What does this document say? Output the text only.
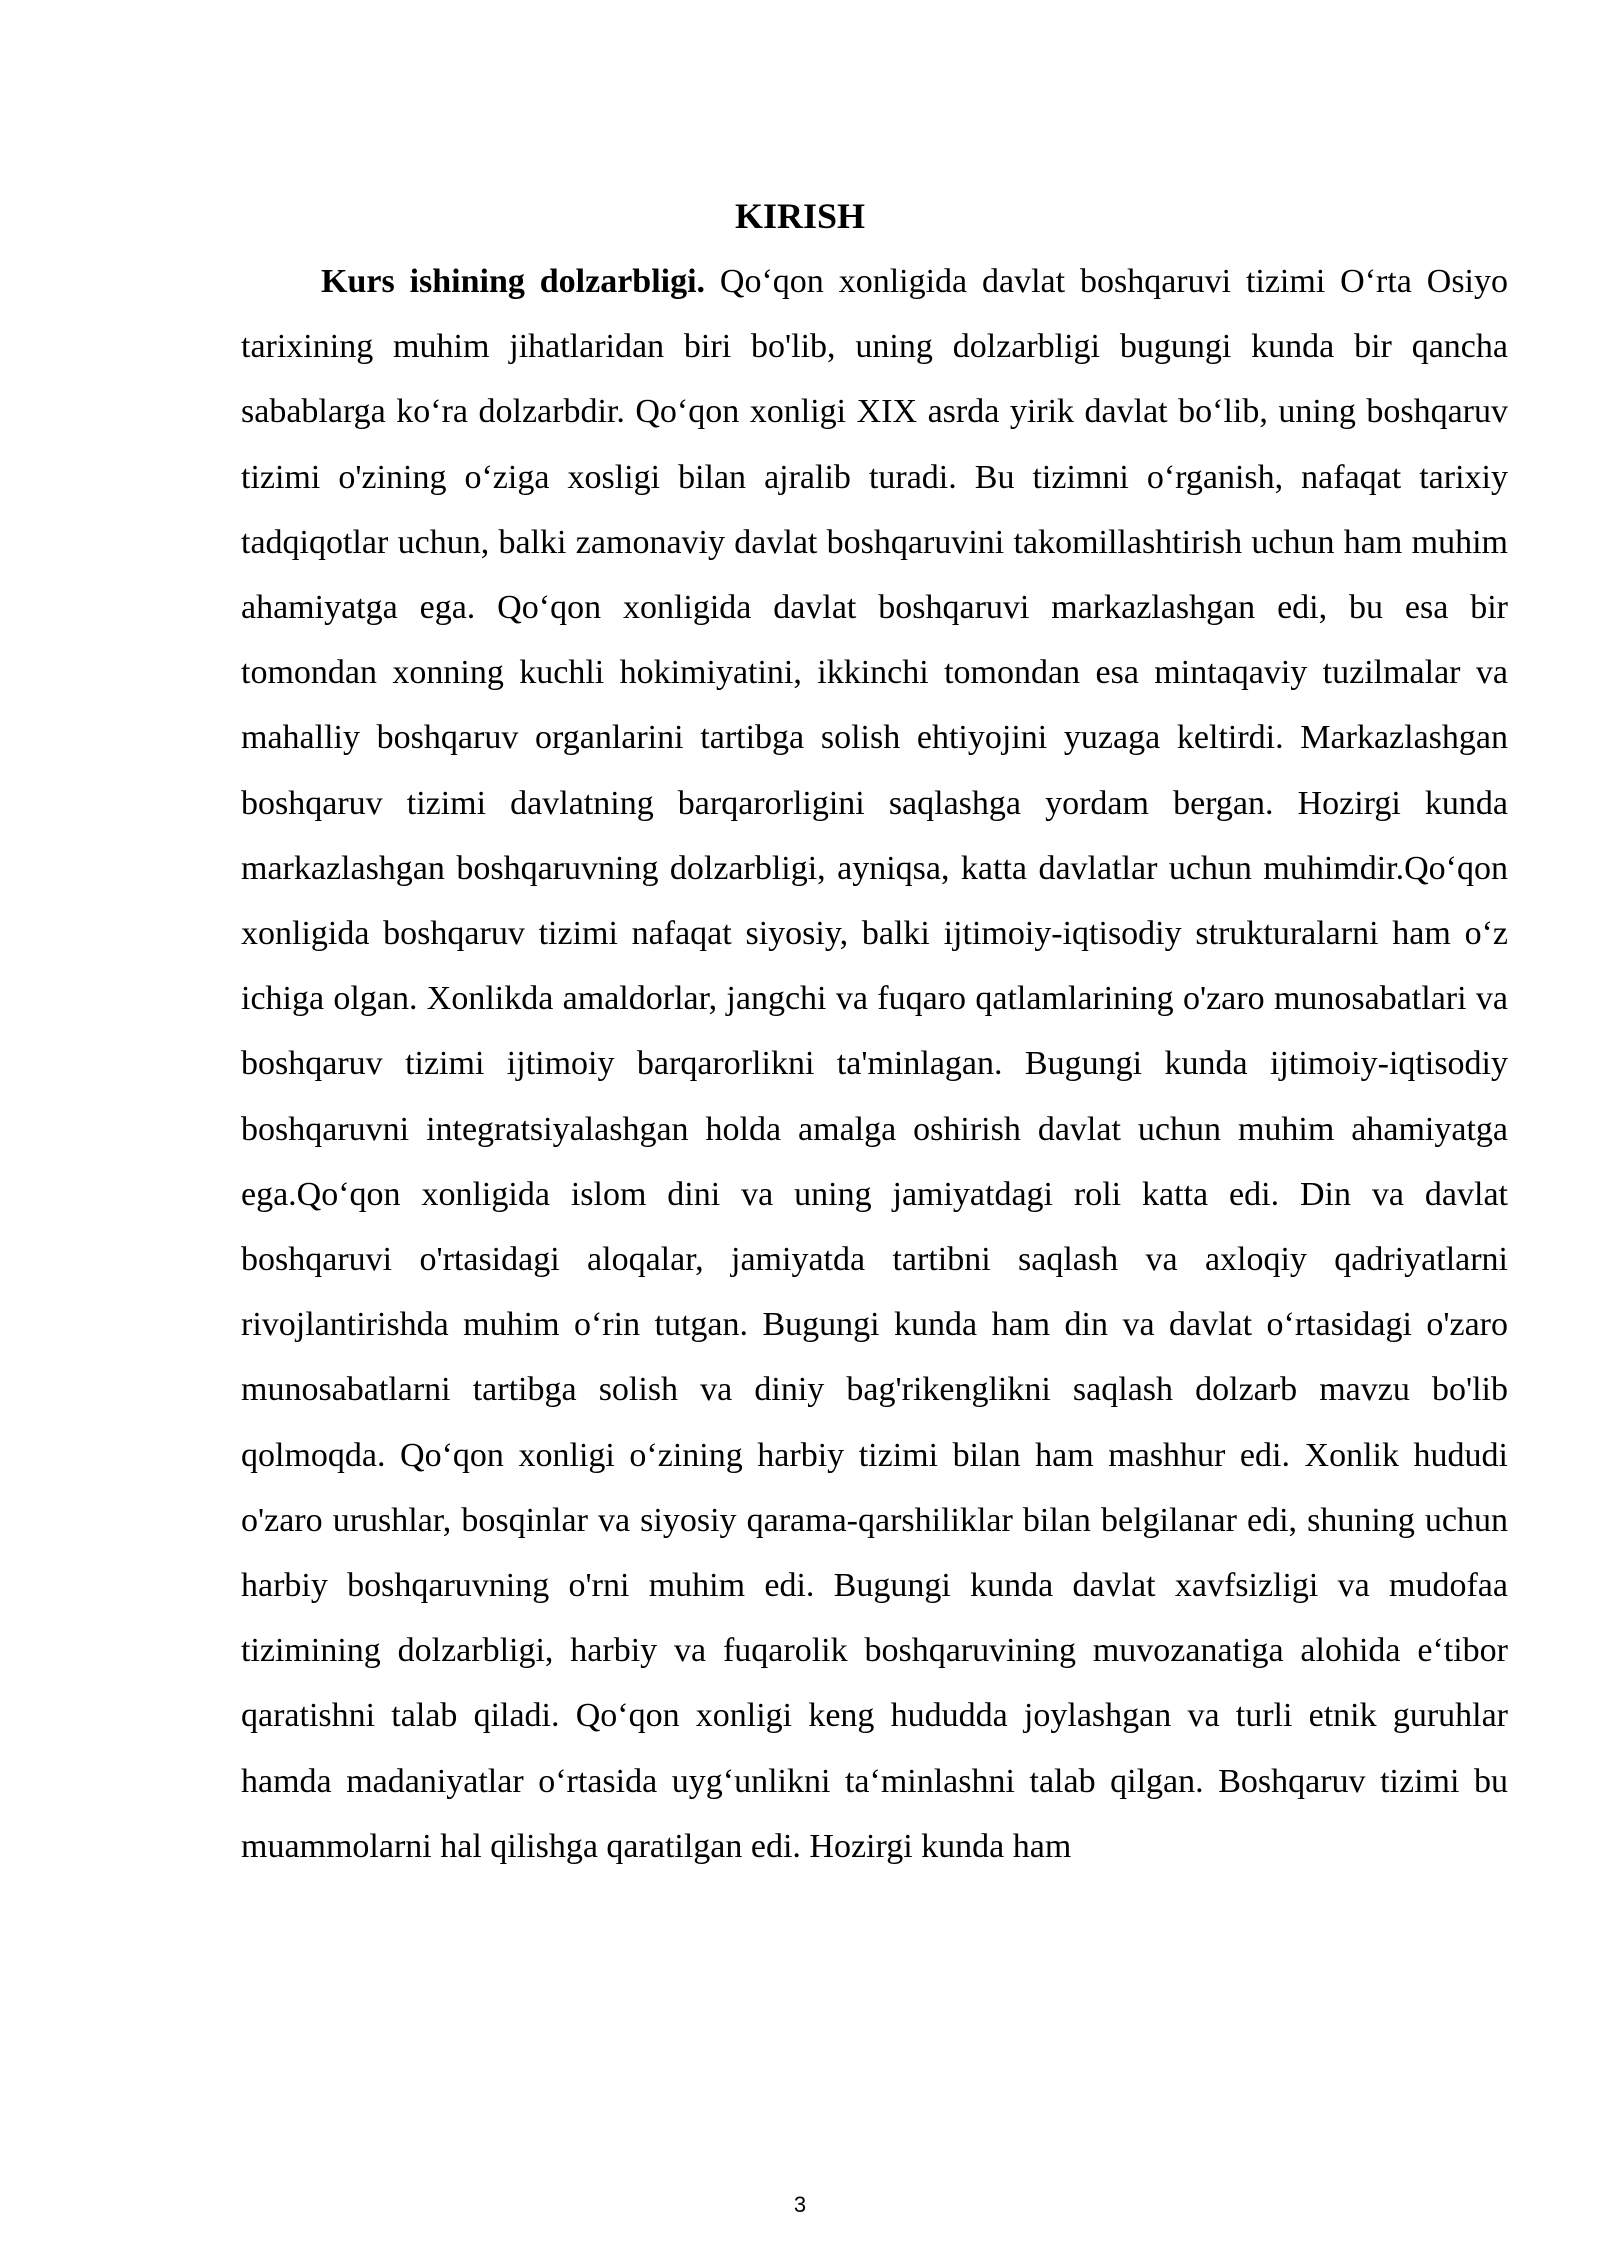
KIRISH

Kurs ishining dolzarbligi. Qo‘qon xonligida davlat boshqaruvi tizimi O‘rta Osiyo tarixining muhim jihatlaridan biri bo'lib, uning dolzarbligi bugungi kunda bir qancha sabablarga ko‘ra dolzarbdir. Qo‘qon xonligi XIX asrda yirik davlat bo‘lib, uning boshqaruv tizimi o'zining o‘ziga xosligi bilan ajralib turadi. Bu tizimni o‘rganish, nafaqat tarixiy tadqiqotlar uchun, balki zamonaviy davlat boshqaruvini takomillashtirish uchun ham muhim ahamiyatga ega. Qo‘qon xonligida davlat boshqaruvi markazlashgan edi, bu esa bir tomondan xonning kuchli hokimiyatini, ikkinchi tomondan esa mintaqaviy tuzilmalar va mahalliy boshqaruv organlarini tartibga solish ehtiyojini yuzaga keltirdi. Markazlashgan boshqaruv tizimi davlatning barqarorligini saqlashga yordam bergan. Hozirgi kunda markazlashgan boshqaruvning dolzarbligi, ayniqsa, katta davlatlar uchun muhimdir.Qo‘qon xonligida boshqaruv tizimi nafaqat siyosiy, balki ijtimoiy-iqtisodiy strukturalarni ham o‘z ichiga olgan. Xonlikda amaldorlar, jangchi va fuqaro qatlamlarining o'zaro munosabatlari va boshqaruv tizimi ijtimoiy barqarorlikni ta'minlagan. Bugungi kunda ijtimoiy-iqtisodiy boshqaruvni integratsiyalashgan holda amalga oshirish davlat uchun muhim ahamiyatga ega.Qo‘qon xonligida islom dini va uning jamiyatdagi roli katta edi. Din va davlat boshqaruvi o'rtasidagi aloqalar, jamiyatda tartibni saqlash va axloqiy qadriyatlarni rivojlantirishda muhim o‘rin tutgan. Bugungi kunda ham din va davlat o‘rtasidagi o'zaro munosabatlarni tartibga solish va diniy bag'rikenglikni saqlash dolzarb mavzu bo'lib qolmoqda. Qo‘qon xonligi o‘zining harbiy tizimi bilan ham mashhur edi. Xonlik hududi o'zaro urushlar, bosqinlar va siyosiy qarama-qarshiliklar bilan belgilanar edi, shuning uchun harbiy boshqaruvning o'rni muhim edi. Bugungi kunda davlat xavfsizligi va mudofaa tizimining dolzarbligi, harbiy va fuqarolik boshqaruvining muvozanatiga alohida e‘tibor qaratishni talab qiladi. Qo‘qon xonligi keng hududda joylashgan va turli etnik guruhlar hamda madaniyatlar o‘rtasida uyg‘unlikni ta‘minlashni talab qilgan. Boshqaruv tizimi bu muammolarni hal qilishga qaratilgan edi. Hozirgi kunda ham

3
